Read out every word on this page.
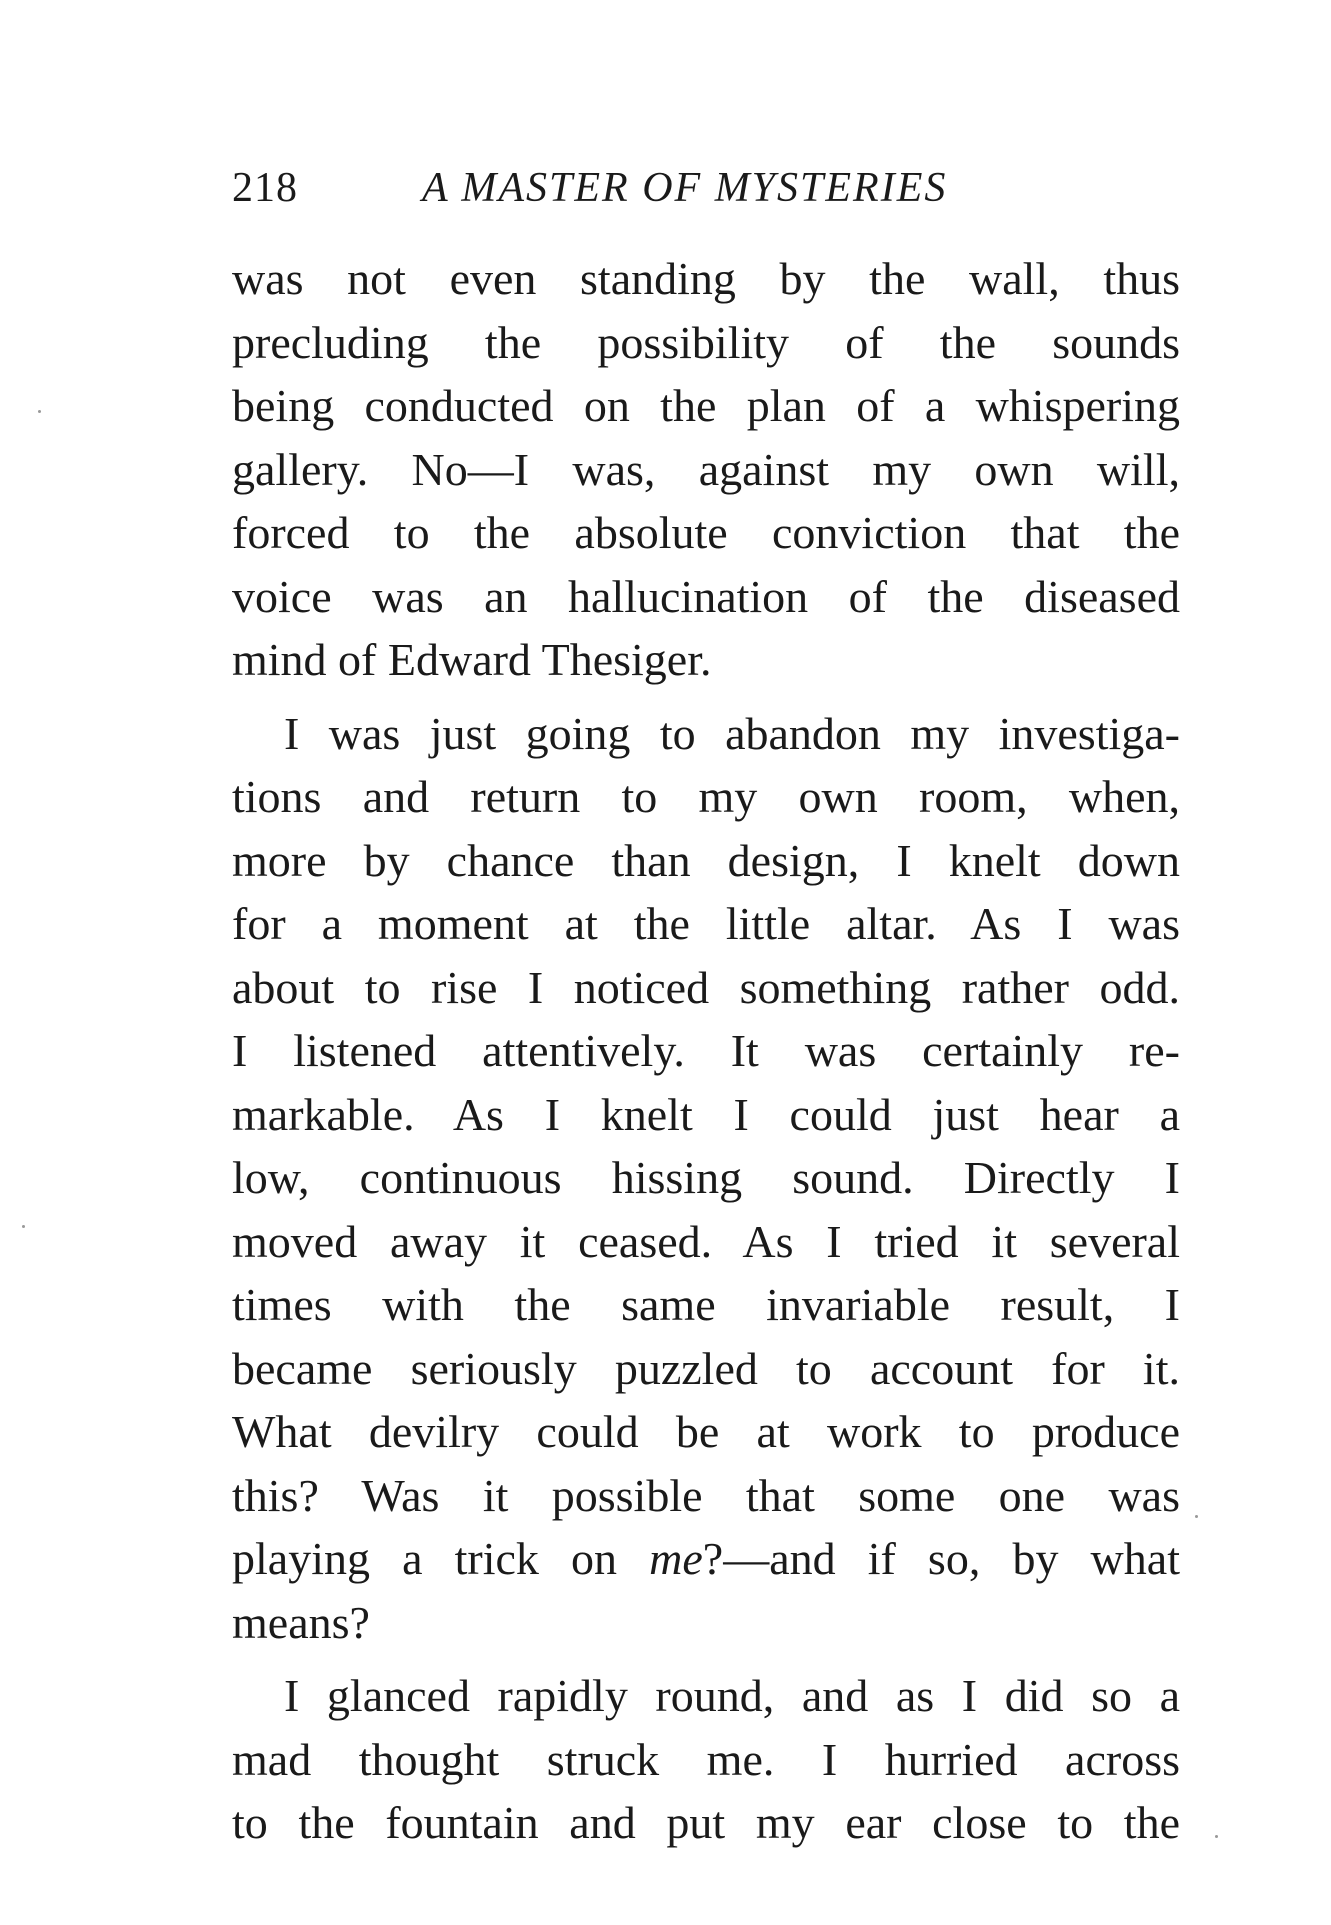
218	A MASTER OF MYSTERIES

was not even standing by the wall, thus
precluding the possibility of the sounds
being conducted on the plan of a whispering
gallery. No—I was, against my own will,
forced to the absolute conviction that the
voice was an hallucination of the diseased
mind of Edward Thesiger.

I was just going to abandon my investiga-
tions and return to my own room, when,
more by chance than design, I knelt down
for a moment at the little altar. As I was
about to rise I noticed something rather odd.
I listened attentively. It was certainly re-
markable. As I knelt I could just hear a
low, continuous hissing sound. Directly I
moved away it ceased. As I tried it several
times with the same invariable result, I
became seriously puzzled to account for it.
What devilry could be at work to produce
this? Was it possible that some one was
playing a trick on me?—and if so, by what
means?

I glanced rapidly round, and as I did so a
mad thought struck me. I hurried across
to the fountain and put my ear close to the
